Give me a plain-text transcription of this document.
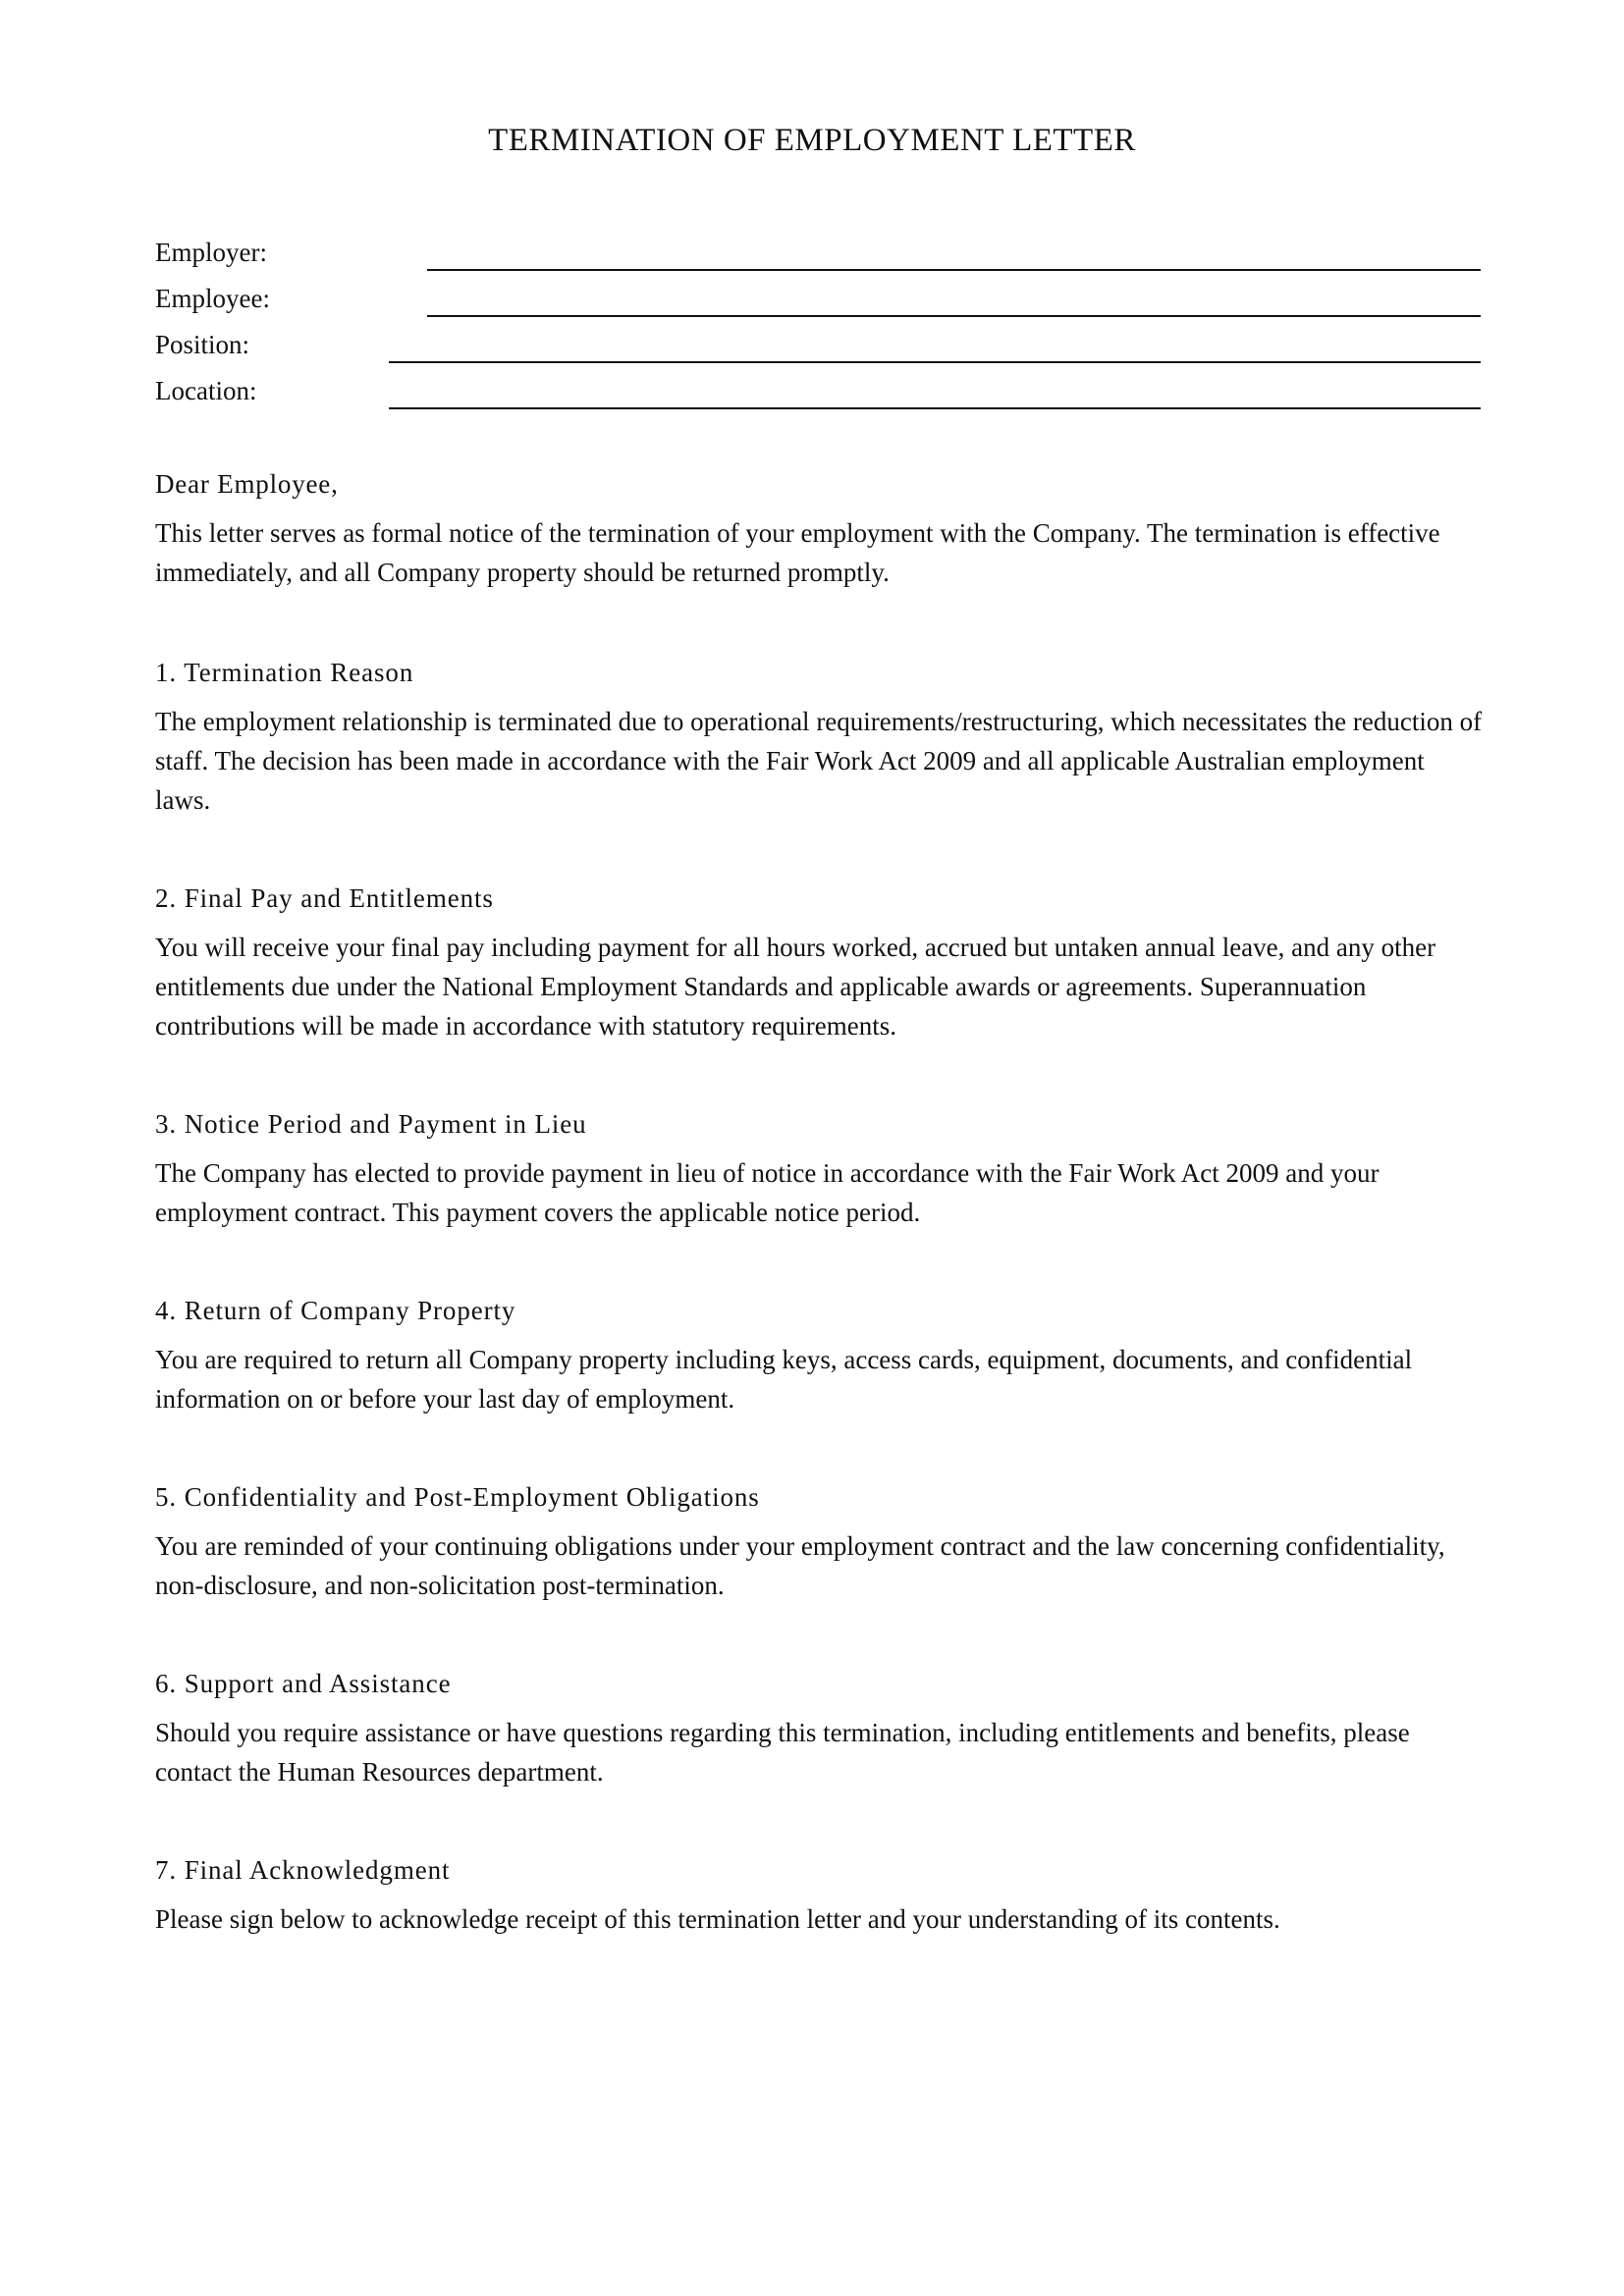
TERMINATION OF EMPLOYMENT LETTER
Employer:
Employee:
Position:
Location:

Dear Employee,

This letter serves as formal notice of the termination of your employment with the Company. The termination is effective immediately, and all Company property should be returned promptly.

1. Termination Reason

The employment relationship is terminated due to operational requirements/restructuring, which necessitates the reduction of staff. The decision has been made in accordance with the Fair Work Act 2009 and all applicable Australian employment laws.

2. Final Pay and Entitlements

You will receive your final pay including payment for all hours worked, accrued but untaken annual leave, and any other entitlements due under the National Employment Standards and applicable awards or agreements. Superannuation contributions will be made in accordance with statutory requirements.

3. Notice Period and Payment in Lieu

The Company has elected to provide payment in lieu of notice in accordance with the Fair Work Act 2009 and your employment contract. This payment covers the applicable notice period.

4. Return of Company Property

You are required to return all Company property including keys, access cards, equipment, documents, and confidential information on or before your last day of employment.

5. Confidentiality and Post-Employment Obligations

You are reminded of your continuing obligations under your employment contract and the law concerning confidentiality, non-disclosure, and non-solicitation post-termination.

6. Support and Assistance

Should you require assistance or have questions regarding this termination, including entitlements and benefits, please contact the Human Resources department.

7. Final Acknowledgment

Please sign below to acknowledge receipt of this termination letter and your understanding of its contents.
